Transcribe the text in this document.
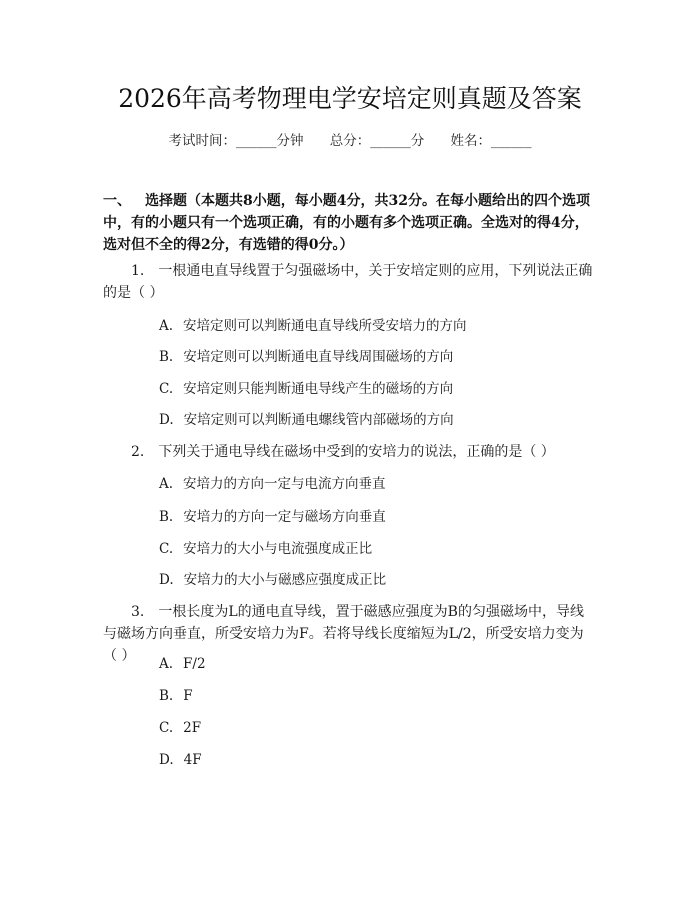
2026年高考物理电学安培定则真题及答案
考试时间：______分钟 总分：______分 姓名：______
一、 选择题（本题共8小题，每小题4分，共32分。在每小题给出的四个选项中，有的小题只有一个选项正确，有的小题有多个选项正确。全选对的得4分，选对但不全的得2分，有选错的得0分。）
1. 一根通电直导线置于匀强磁场中，关于安培定则的应用，下列说法正确的是（ ）
A. 安培定则可以判断通电直导线所受安培力的方向
B. 安培定则可以判断通电直导线周围磁场的方向
C. 安培定则只能判断通电导线产生的磁场的方向
D. 安培定则可以判断通电螺线管内部磁场的方向
2. 下列关于通电导线在磁场中受到的安培力的说法，正确的是（ ）
A. 安培力的方向一定与电流方向垂直
B. 安培力的方向一定与磁场方向垂直
C. 安培力的大小与电流强度成正比
D. 安培力的大小与磁感应强度成正比
3. 一根长度为L的通电直导线，置于磁感应强度为B的匀强磁场中，导线与磁场方向垂直，所受安培力为F。若将导线长度缩短为L/2，所受安培力变为（ ）	A. F/2
B. F
C. 2F
D. 4F
